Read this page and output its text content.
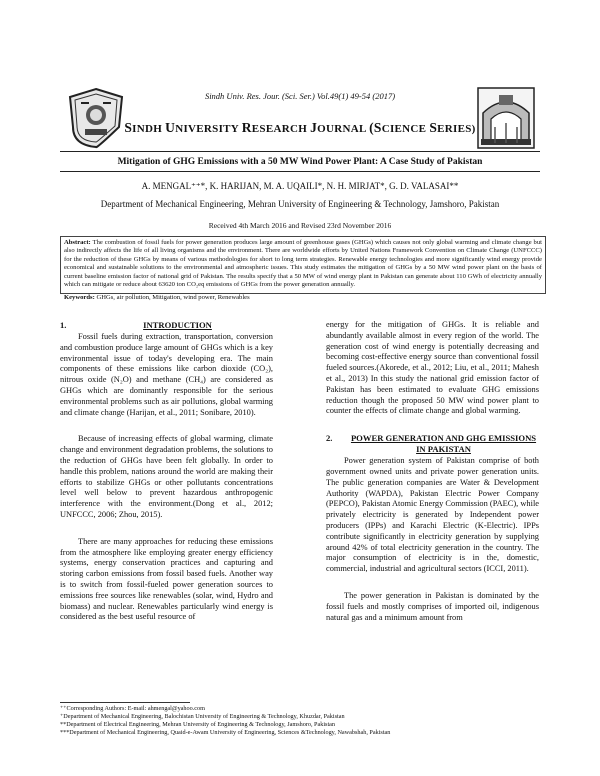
Sindh Univ. Res. Jour. (Sci. Ser.) Vol.49(1) 49-54 (2017)
SINDH UNIVERSITY RESEARCH JOURNAL (SCIENCE SERIES)
Mitigation of GHG Emissions with a 50 MW Wind Power Plant: A Case Study of Pakistan
A. MENGAL⁺⁺*, K. HARIJAN, M. A. UQAILI*, N. H. MIRJAT*, G. D. VALASAI**
Department of Mechanical Engineering, Mehran University of Engineering & Technology, Jamshoro, Pakistan
Received 4th March 2016 and Revised 23rd November 2016

Abstract: The combustion of fossil fuels for power generation produces large amount of greenhouse gases (GHGs) which causes not only global warming and climate change but also indirectly affects the life of all living organisms and the environment. There are worldwide efforts by United Nations Framework Convention on Climate Change (UNFCCC) for the reduction of these GHGs by means of various methodologies for short to long term strategies. Renewable energy technologies and more significantly wind energy provide economical and sustainable solutions to the environmental and atmospheric issues. This study estimates the mitigation of GHGs by a 50 MW wind power plant on the basis of current baseline emission factor of national grid of Pakistan. The results specify that a 50 MW of wind energy plant in Pakistan can generate about 110 GWh of electricity annually which can mitigate or reduce about 63620 ton CO₂eq emissions of GHGs from the power generation annually.

Keywords: GHGs, air pollution, Mitigation, wind power, Renewables

1.	INTRODUCTION

Fossil fuels during extraction, transportation, conversion and combustion produce large amount of GHGs which is a key environmental issue of today's developing era. The main components of these emissions like carbon dioxide (CO₂), nitrous oxide (N₂O) and methane (CH₄) are considered as GHGs which are dominantly responsible for the serious environmental problems such as air pollutions, global warming and climate change (Harijan, et al., 2011; Sonibare, 2010).

Because of increasing effects of global warming, climate change and environment degradation problems, the solutions to the reduction of GHGs have been felt globally. In order to handle this problem, nations around the world are making their efforts to stabilize GHGs or other pollutants concentrations level well below to prevent hazardous anthropogenic interference with the environment.(Dong et al., 2012; UNFCCC, 2006; Zhou, 2015).

There are many approaches for reducing these emissions from the atmosphere like employing greater energy efficiency systems, energy conservation practices and capturing and storing carbon emissions from fossil based fuels. Another way is to switch from fossil-fueled power generation sources to emissions free sources like renewables (solar, wind, Hydro and biomass) and nuclear. Renewables particularly wind energy is considered as the best useful resource of

energy for the mitigation of GHGs. It is reliable and abundantly available almost in every region of the world. The generation cost of wind energy is potentially decreasing and becoming cost-effective energy source than conventional fossil fueled sources.(Akorede, et al., 2012; Liu, et al., 2011; Mahesh et al., 2013) In this study the national grid emission factor of Pakistan has been estimated to evaluate GHG emissions reduction though the proposed 50 MW wind power plant to counter the effects of climate change and global warming.

2.	POWER GENERATION AND GHG EMISSIONS IN PAKISTAN

Power generation system of Pakistan comprise of both government owned units and private power generation units. The public generation companies are Water & Development Authority (WAPDA), Pakistan Electric Power Company (PEPCO), Pakistan Atomic Energy Commission (PAEC), while privately electricity is generated by Independent power producers (IPPs) and Karachi Electric (K-Electric). IPPs contribute significantly in electricity generation by supplying around 42% of total electricity generation in the country. The major consumption of electricity is in the, domestic, commercial, industrial and agricultural sectors (ICCI, 2011).

The power generation in Pakistan is dominated by the fossil fuels and mostly comprises of imported oil, indigenous natural gas and a minimum amount from

⁺⁺Corresponding Authors: E-mail: ahmengal@yahoo.com
⁺Department of Mechanical Engineering, Balochistan University of Engineering & Technology, Khuzdar, Pakistan
**Department of Electrical Engineering, Mehran University of Engineering & Technology, Jamshoro, Pakistan
***Department of Mechanical Engineering, Quaid-e-Awam University of Engineering, Sciences &Technology, Nawabshah, Pakistan
